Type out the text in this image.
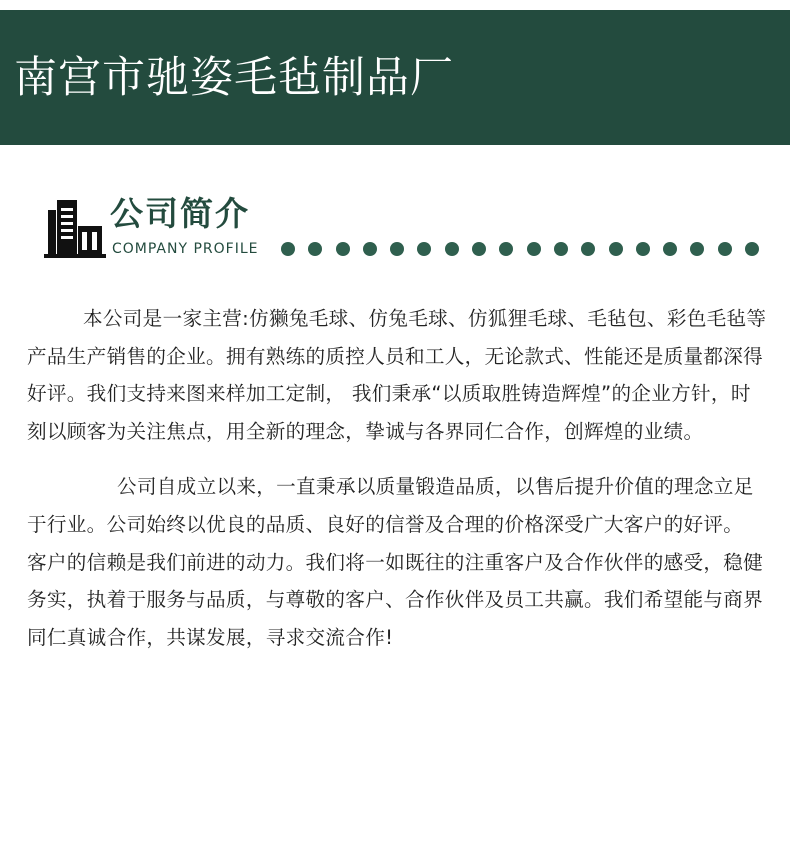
南宫市驰姿毛毡制品厂
公司简介
COMPANY PROFILE

本公司是一家主营:仿獭兔毛球、仿兔毛球、仿狐狸毛球、毛毡包、彩色毛毡等产品生产销售的企业。拥有熟练的质控人员和工人，无论款式、性能还是质量都深得好评。我们支持来图来样加工定制， 我们秉承“以质取胜铸造辉煌”的企业方针，时刻以顾客为关注焦点，用全新的理念，挚诚与各界同仁合作，创辉煌的业绩。

公司自成立以来，一直秉承以质量锻造品质，以售后提升价值的理念立足于行业。公司始终以优良的品质、良好的信誉及合理的价格深受广大客户的好评。 客户的信赖是我们前进的动力。我们将一如既往的注重客户及合作伙伴的感受，稳健务实，执着于服务与品质，与尊敬的客户、合作伙伴及员工共赢。我们希望能与商界同仁真诚合作，共谋发展，寻求交流合作!
